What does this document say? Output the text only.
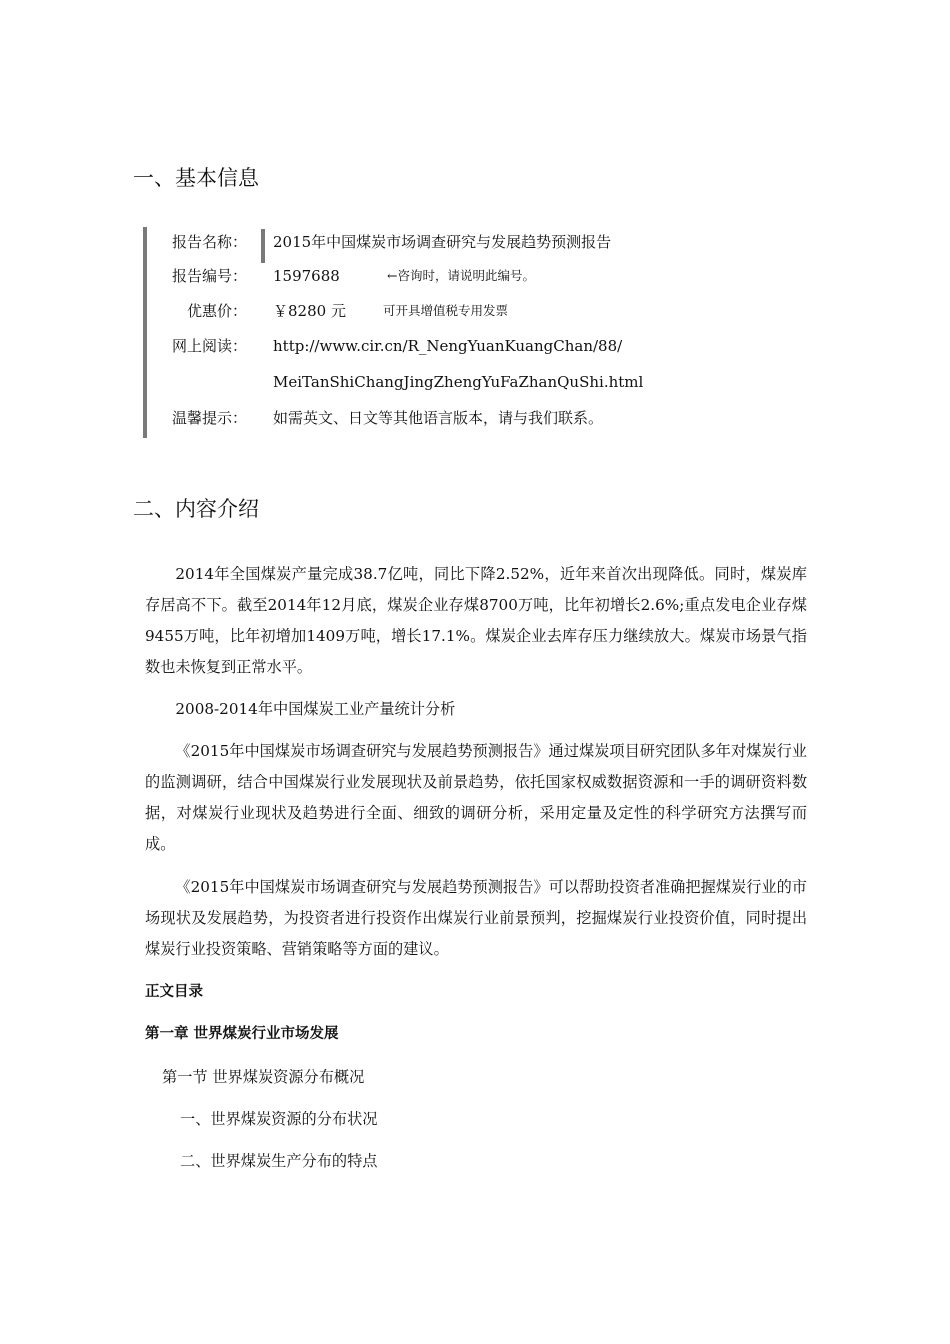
一、基本信息
报告名称： 2015年中国煤炭市场调查研究与发展趋势预测报告
报告编号： 1597688	←咨询时，请说明此编号。
优惠价： ￥8280 元	可开具增值税专用发票
网上阅读： http://www.cir.cn/R_NengYuanKuangChan/88/
MeiTanShiChangJingZhengYuFaZhanQuShi.html
温馨提示： 如需英文、日文等其他语言版本，请与我们联系。
二、内容介绍

2014年全国煤炭产量完成38.7亿吨，同比下降2.52%，近年来首次出现降低。同时，煤炭库存居高不下。截至2014年12月底，煤炭企业存煤8700万吨，比年初增长2.6%;重点发电企业存煤9455万吨，比年初增加1409万吨，增长17.1%。煤炭企业去库存压力继续放大。煤炭市场景气指数也未恢复到正常水平。

2008-2014年中国煤炭工业产量统计分析

《2015年中国煤炭市场调查研究与发展趋势预测报告》通过煤炭项目研究团队多年对煤炭行业的监测调研，结合中国煤炭行业发展现状及前景趋势，依托国家权威数据资源和一手的调研资料数据，对煤炭行业现状及趋势进行全面、细致的调研分析，采用定量及定性的科学研究方法撰写而成。

《2015年中国煤炭市场调查研究与发展趋势预测报告》可以帮助投资者准确把握煤炭行业的市场现状及发展趋势，为投资者进行投资作出煤炭行业前景预判，挖掘煤炭行业投资价值，同时提出煤炭行业投资策略、营销策略等方面的建议。

正文目录

第一章 世界煤炭行业市场发展

第一节 世界煤炭资源分布概况

一、世界煤炭资源的分布状况

二、世界煤炭生产分布的特点
